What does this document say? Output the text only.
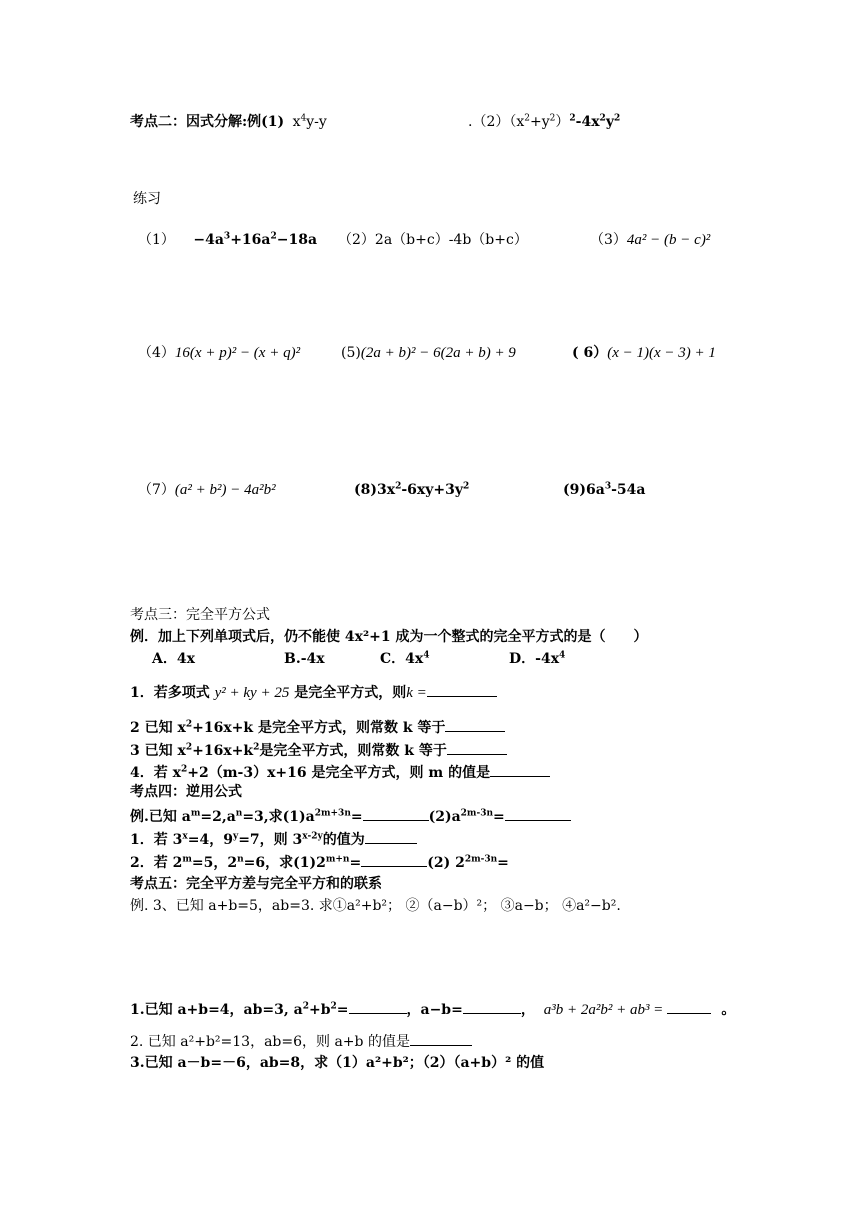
考点二：因式分解:例(1) $x^4y-y$	$.(2)(x^2+y^2)^2-4x^2y^2$
练习
$(1) -4a^3+16a^2-18a$ （2）2a（b+c）-4b（b+c）	（3）4a² − (b − c)²
（4）16(x + p)² − (x + q)²	(5)(2a + b)² − 6(2a + b) + 9	( 6）(x − 1)(x − 3) + 1
（7）(a² + b²) − 4a²b²	$(8)3x^2-6xy+3y^2$	$(9)6a^3-54a$
考点三：完全平方公式
例．加上下列单项式后，仍不能使 4x²+1 成为一个整式的完全平方式的是（　　）
A．4x	B.-4x	C．$4x^4$	D．$-4x^4$
1．若多项式 y² + ky + 25 是完全平方式，则k =
2 已知 $x^2+16x+k$ 是完全平方式，则常数 k 等于
3 已知 $x^2+16x+k^2$是完全平方式，则常数 k 等于
4．若 $x^2+2(m-3)x+16$ 是完全平方式，则 m 的值是
考点四：逆用公式
例.已知 $a^m=2,a^n=3$,求$(1)a^{2m+3n}=$	$(2)a^{2m-3n}=$
1．若 $3^x=4$，$9^y=7$，则 $3^{x-2y}$的值为
2．若 $2^m=5$，$2^n=6$，求$(1)2^{m+n}=$	(2) $2^{2m-3n}=$
考点五：完全平方差与完全平方和的联系
例. 3、已知 a+b=5，ab=3. 求①a²+b²； ②（a−b）²； ③a−b； ④a²−b².
1.已知 a+b=4，ab=3, $a^2+b^2=$	，a−b=	， a³b + 2a²b² + ab³ =	。
2. 已知 a²+b²=13，ab=6，则 a+b 的值是
3.已知 a－b=－6，ab=8，求（1）a²+b²；（2）（a+b）² 的值
